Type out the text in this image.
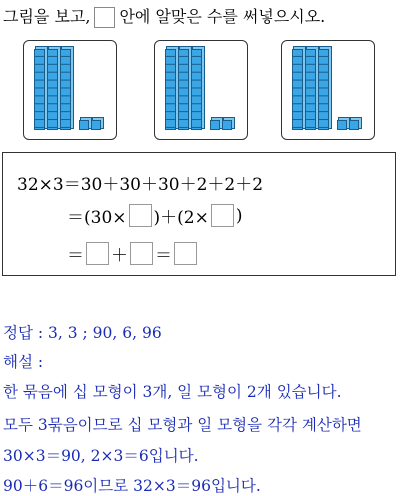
그림을 보고, 안에 알맞은 수를 써넣으시오.
32×3＝30＋30＋30＋2＋2＋2
＝(30× )＋(2× )
＝ ＋ ＝
정답 : 3, 3 ; 90, 6, 96
해설 :
한 묶음에 십 모형이 3개, 일 모형이 2개 있습니다.
모두 3묶음이므로 십 모형과 일 모형을 각각 계산하면
30×3＝90, 2×3＝6입니다.
90＋6＝96이므로 32×3＝96입니다.
